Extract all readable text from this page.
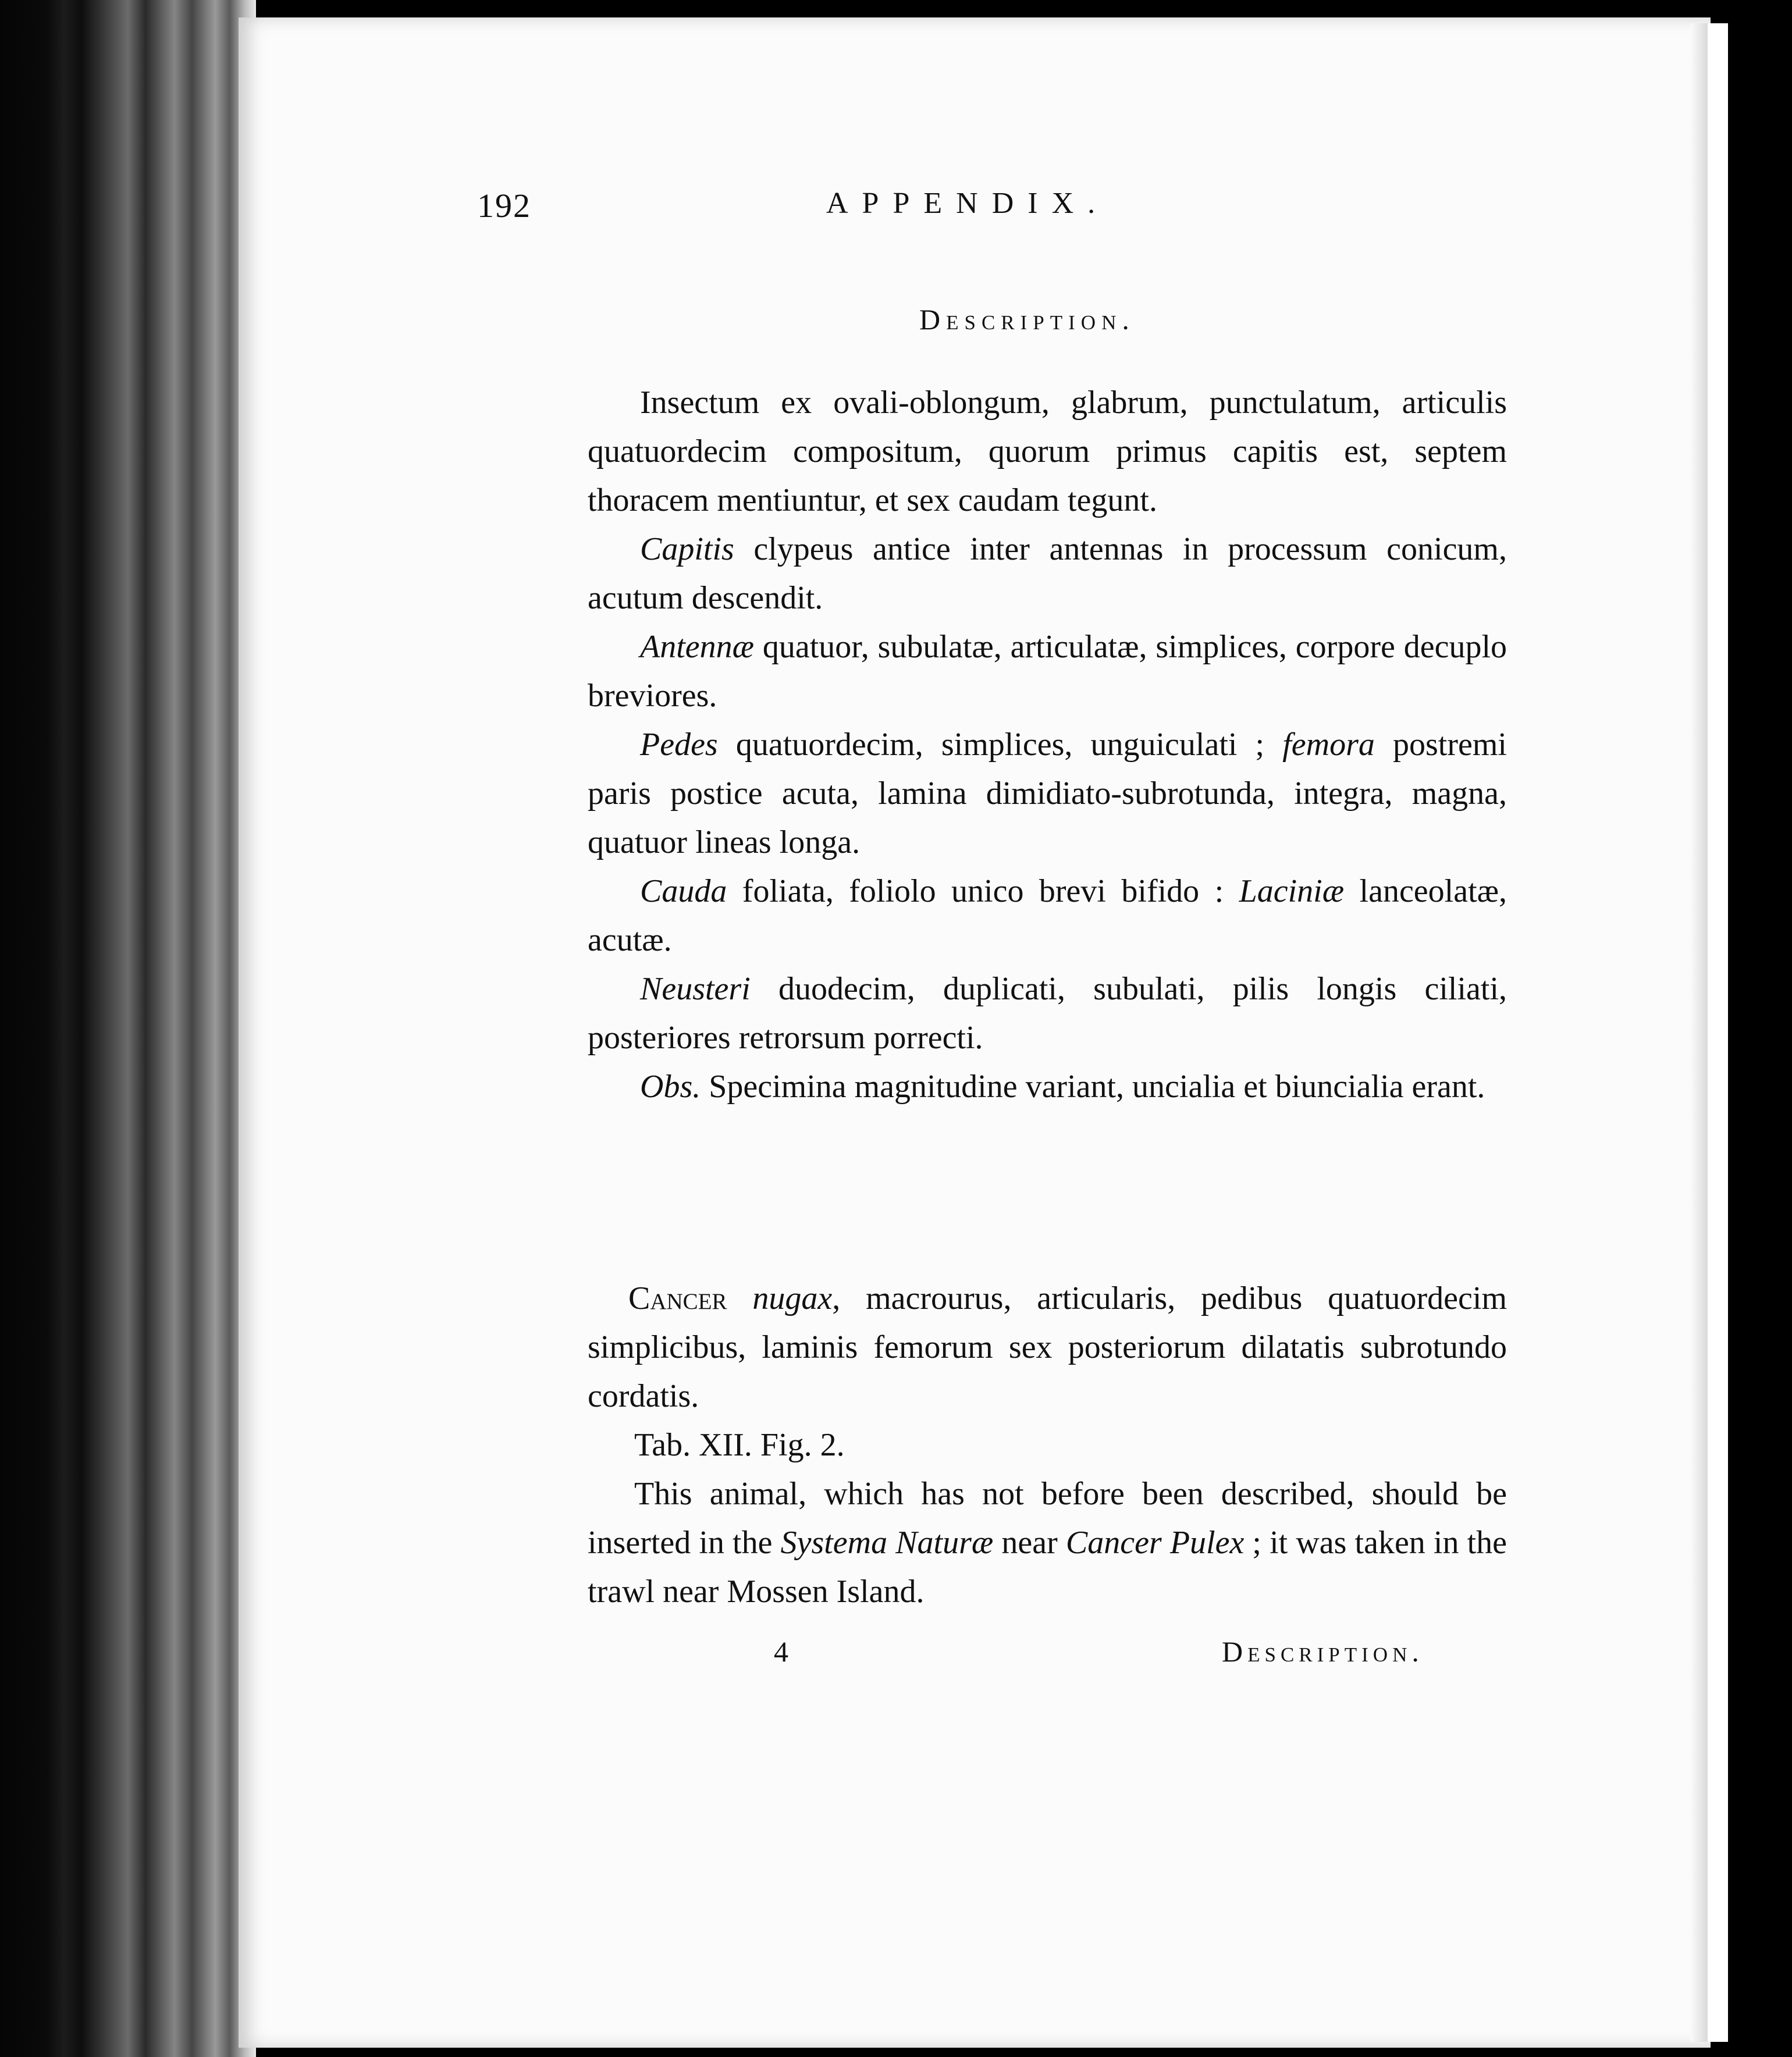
192	APPENDIX.
Description.

Insectum ex ovali-oblongum, glabrum, punctulatum, articulis quatuordecim compositum, quorum primus capitis est, septem thoracem mentiuntur, et sex caudam tegunt.

Capitis clypeus antice inter antennas in processum conicum, acutum descendit.

Antennæ quatuor, subulatæ, articulatæ, simplices, corpore decuplo breviores.

Pedes quatuordecim, simplices, unguiculati ; femora postremi paris postice acuta, lamina dimidiato-subrotunda, integra, magna, quatuor lineas longa.

Cauda foliata, foliolo unico brevi bifido : Laciniæ lanceolatæ, acutæ.

Neusteri duodecim, duplicati, subulati, pilis longis ciliati, posteriores retrorsum porrecti.

Obs. Specimina magnitudine variant, uncialia et biuncialia erant.

Cancer nugax, macrourus, articularis, pedibus quatuordecim simplicibus, laminis femorum sex posteriorum dilatatis subrotundo cordatis.

Tab. XII. Fig. 2.

This animal, which has not before been described, should be inserted in the Systema Naturæ near Cancer Pulex ; it was taken in the trawl near Mossen Island.

4	Description.
